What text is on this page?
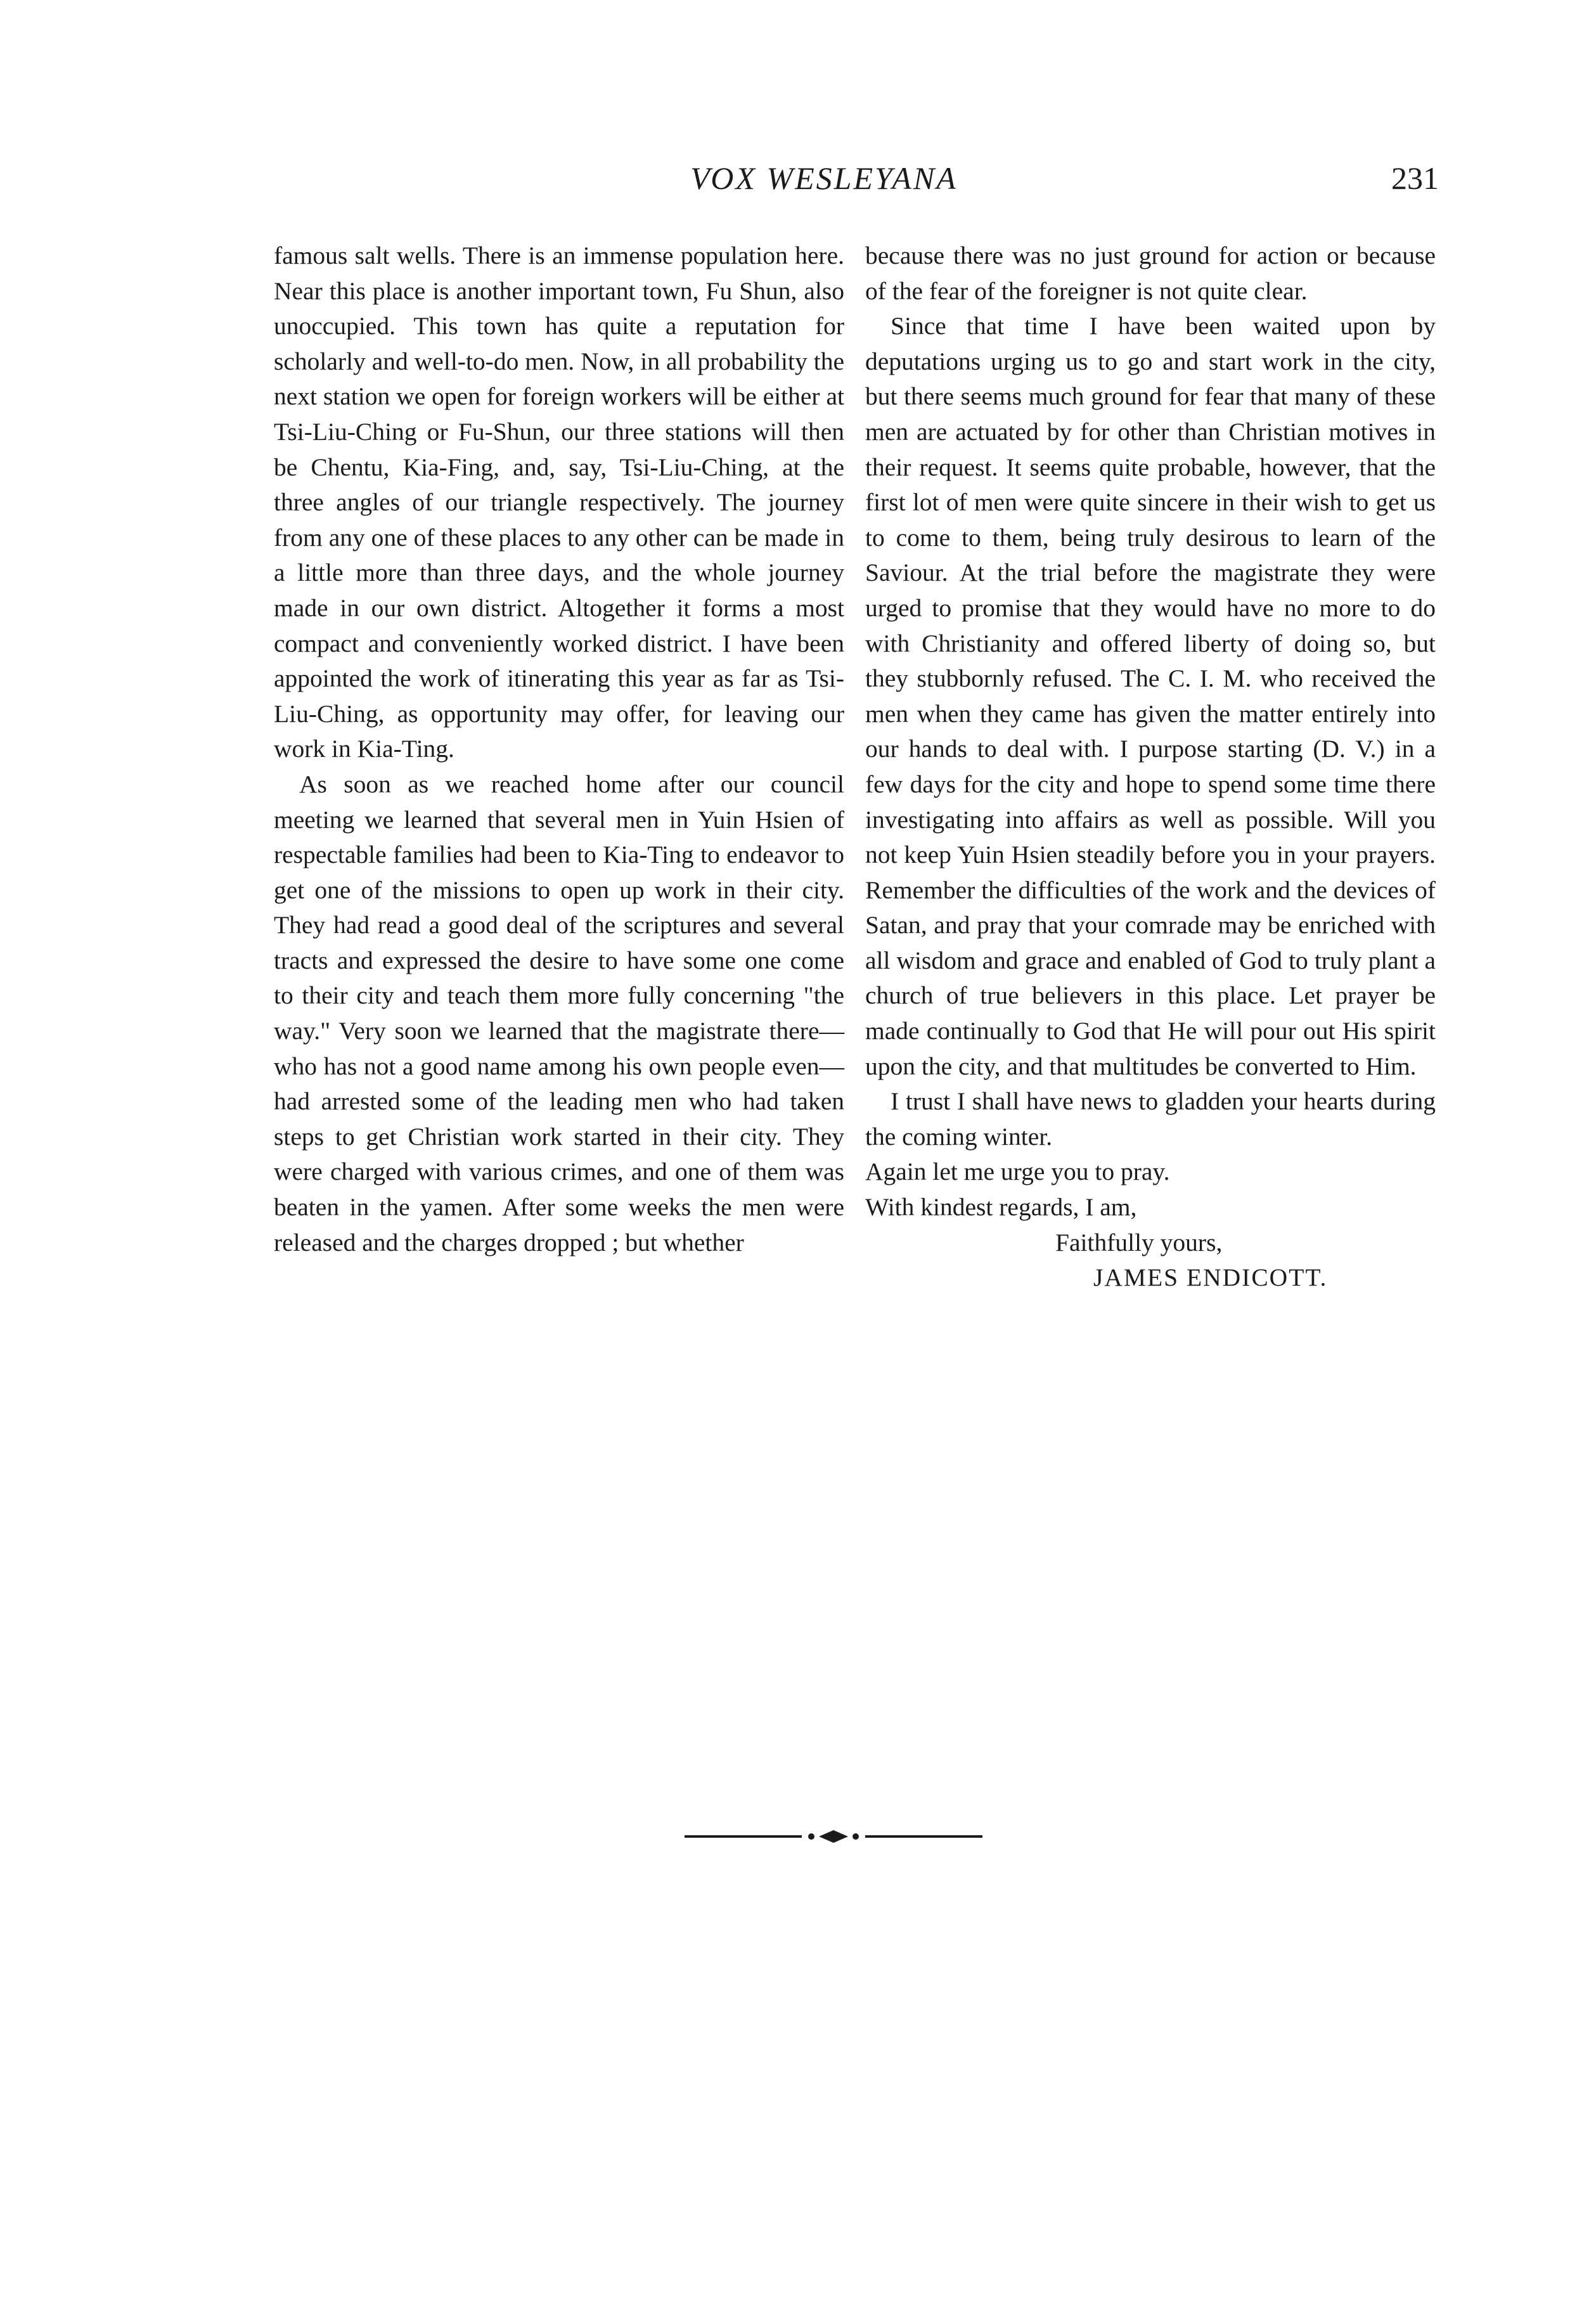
VOX WESLEYANA	231

famous salt wells. There is an immense population here. Near this place is another important town, Fu Shun, also unoccupied. This town has quite a reputation for scholarly and well-to-do men. Now, in all probability the next station we open for foreign workers will be either at Tsi-Liu-Ching or Fu-Shun, our three stations will then be Chentu, Kia-Fing, and, say, Tsi-Liu-Ching, at the three angles of our triangle respectively. The journey from any one of these places to any other can be made in a little more than three days, and the whole journey made in our own district. Altogether it forms a most compact and conveniently worked district. I have been appointed the work of itinerating this year as far as Tsi-Liu-Ching, as opportunity may offer, for leaving our work in Kia-Ting.

As soon as we reached home after our council meeting we learned that several men in Yuin Hsien of respectable families had been to Kia-Ting to endeavor to get one of the missions to open up work in their city. They had read a good deal of the scriptures and several tracts and expressed the desire to have some one come to their city and teach them more fully concerning "the way." Very soon we learned that the magistrate there—who has not a good name among his own people even—had arrested some of the leading men who had taken steps to get Christian work started in their city. They were charged with various crimes, and one of them was beaten in the yamen. After some weeks the men were released and the charges dropped ; but whether

because there was no just ground for action or because of the fear of the foreigner is not quite clear.

Since that time I have been waited upon by deputations urging us to go and start work in the city, but there seems much ground for fear that many of these men are actuated by for other than Christian motives in their request. It seems quite probable, however, that the first lot of men were quite sincere in their wish to get us to come to them, being truly desirous to learn of the Saviour. At the trial before the magistrate they were urged to promise that they would have no more to do with Christianity and offered liberty of doing so, but they stubbornly refused. The C. I. M. who received the men when they came has given the matter entirely into our hands to deal with. I purpose starting (D. V.) in a few days for the city and hope to spend some time there investigating into affairs as well as possible. Will you not keep Yuin Hsien steadily before you in your prayers. Remember the difficulties of the work and the devices of Satan, and pray that your comrade may be enriched with all wisdom and grace and enabled of God to truly plant a church of true believers in this place. Let prayer be made continually to God that He will pour out His spirit upon the city, and that multitudes be converted to Him.

I trust I shall have news to gladden your hearts during the coming winter.

Again let me urge you to pray.

With kindest regards, I am,

Faithfully yours,

JAMES ENDICOTT.
